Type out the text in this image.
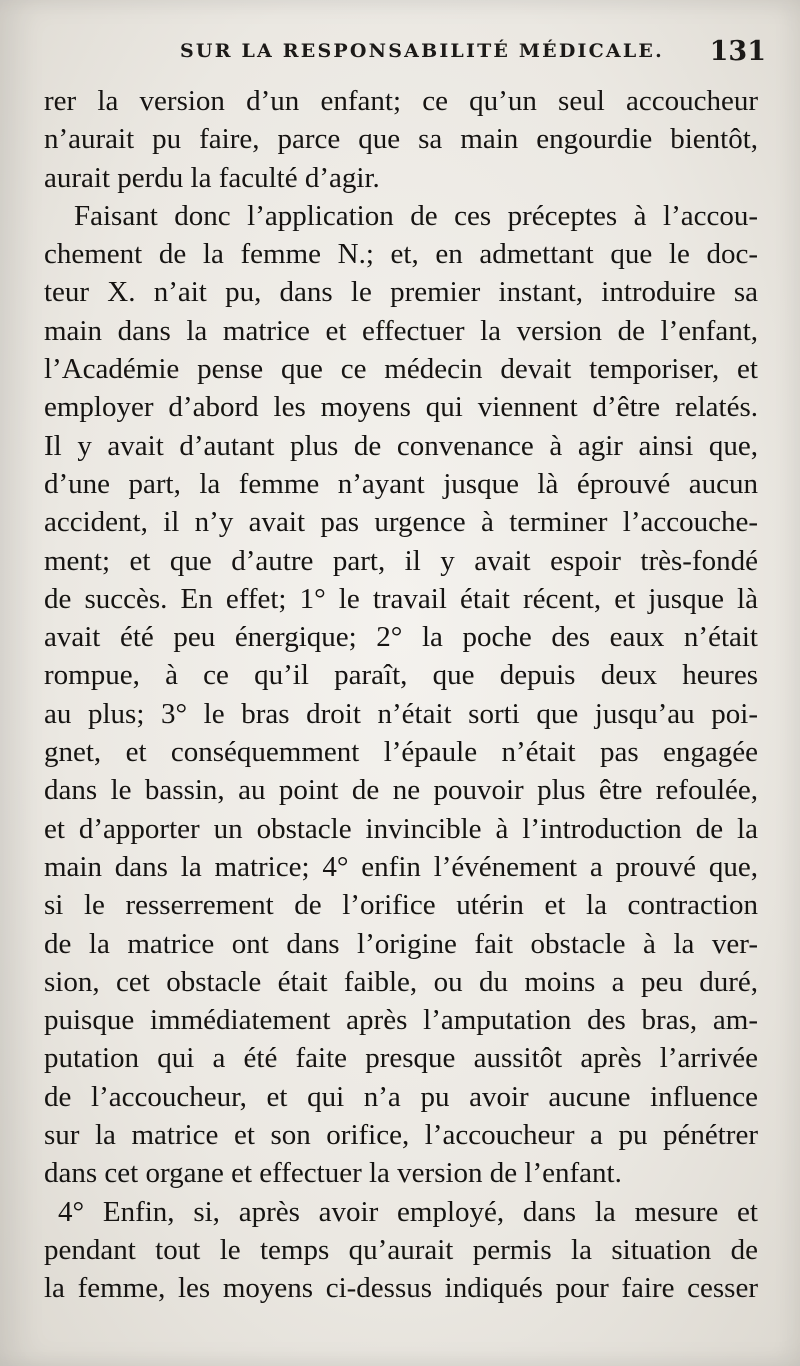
SUR LA RESPONSABILITÉ MÉDICALE. 131
rer la version d’un enfant; ce qu’un seul accoucheur
n’aurait pu faire, parce que sa main engourdie bientôt,
aurait perdu la faculté d’agir.
Faisant donc l’application de ces préceptes à l’accou-
chement de la femme N.; et, en admettant que le doc-
teur X. n’ait pu, dans le premier instant, introduire sa
main dans la matrice et effectuer la version de l’enfant,
l’Académie pense que ce médecin devait temporiser, et
employer d’abord les moyens qui viennent d’être relatés.
Il y avait d’autant plus de convenance à agir ainsi que,
d’une part, la femme n’ayant jusque là éprouvé aucun
accident, il n’y avait pas urgence à terminer l’accouche-
ment; et que d’autre part, il y avait espoir très-fondé
de succès. En effet; 1° le travail était récent, et jusque là
avait été peu énergique; 2° la poche des eaux n’était
rompue, à ce qu’il paraît, que depuis deux heures
au plus; 3° le bras droit n’était sorti que jusqu’au poi-
gnet, et conséquemment l’épaule n’était pas engagée
dans le bassin, au point de ne pouvoir plus être refoulée,
et d’apporter un obstacle invincible à l’introduction de la
main dans la matrice; 4° enfin l’événement a prouvé que,
si le resserrement de l’orifice utérin et la contraction
de la matrice ont dans l’origine fait obstacle à la ver-
sion, cet obstacle était faible, ou du moins a peu duré,
puisque immédiatement après l’amputation des bras, am-
putation qui a été faite presque aussitôt après l’arrivée
de l’accoucheur, et qui n’a pu avoir aucune influence
sur la matrice et son orifice, l’accoucheur a pu pénétrer
dans cet organe et effectuer la version de l’enfant.
4° Enfin, si, après avoir employé, dans la mesure et
pendant tout le temps qu’aurait permis la situation de
la femme, les moyens ci-dessus indiqués pour faire cesser
